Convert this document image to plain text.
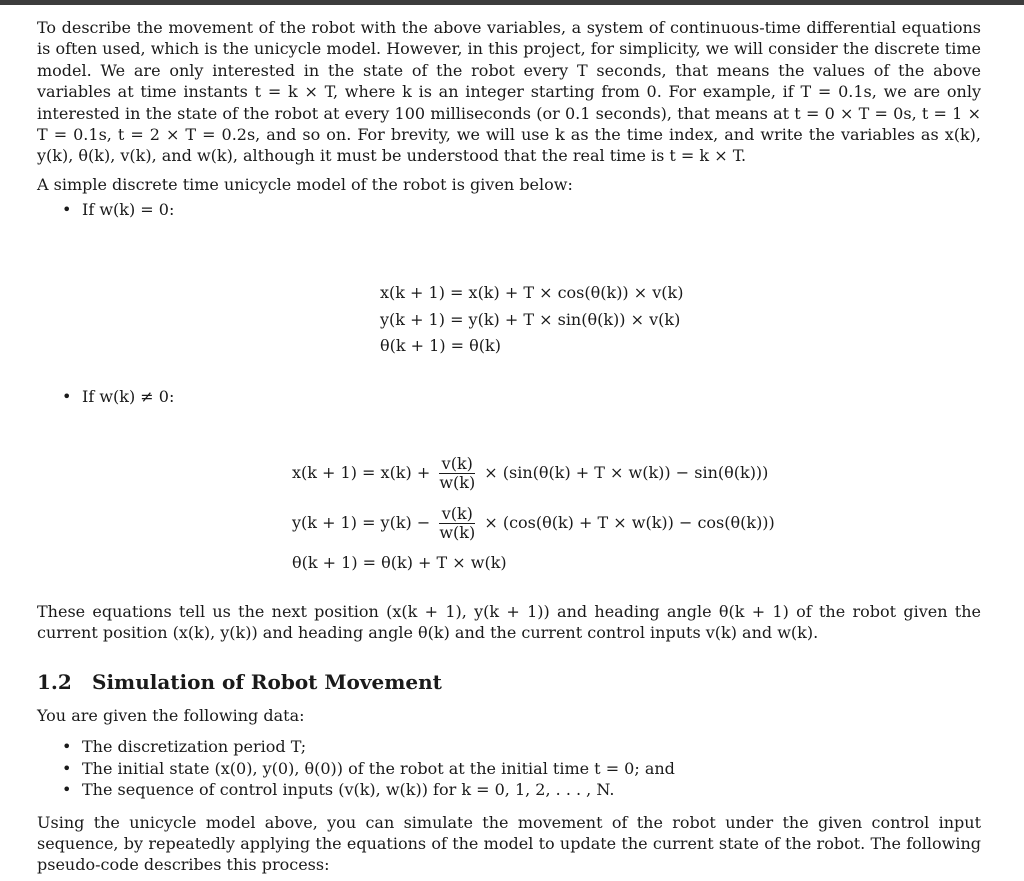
To describe the movement of the robot with the above variables, a system of continuous-time differential equations is often used, which is the unicycle model. However, in this project, for simplicity, we will consider the discrete time model. We are only interested in the state of the robot every T seconds, that means the values of the above variables at time instants t = k × T, where k is an integer starting from 0. For example, if T = 0.1s, we are only interested in the state of the robot at every 100 milliseconds (or 0.1 seconds), that means at t = 0 × T = 0s, t = 1 × T = 0.1s, t = 2 × T = 0.2s, and so on. For brevity, we will use k as the time index, and write the variables as x(k), y(k), θ(k), v(k), and w(k), although it must be understood that the real time is t = k × T.

A simple discrete time unicycle model of the robot is given below:

• If w(k) = 0:
x(k + 1) = x(k) + T × cos(θ(k)) × v(k)
y(k + 1) = y(k) + T × sin(θ(k)) × v(k)
θ(k + 1) = θ(k)
• If w(k) ≠ 0:
$x(k + 1) = x(k) + \frac{v(k)}{w(k)} \times (\sin(\theta(k) + T \times w(k)) - \sin(\theta(k)))$
$y(k + 1) = y(k) - \frac{v(k)}{w(k)} \times (\cos(\theta(k) + T \times w(k)) - \cos(\theta(k)))$
θ(k + 1) = θ(k) + T × w(k)

These equations tell us the next position (x(k + 1), y(k + 1)) and heading angle θ(k + 1) of the robot given the current position (x(k), y(k)) and heading angle θ(k) and the current control inputs v(k) and w(k).

1.2 Simulation of Robot Movement

You are given the following data:

• The discretization period T;
• The initial state (x(0), y(0), θ(0)) of the robot at the initial time t = 0; and
• The sequence of control inputs (v(k), w(k)) for k = 0, 1, 2, . . . , N.

Using the unicycle model above, you can simulate the movement of the robot under the given control input sequence, by repeatedly applying the equations of the model to update the current state of the robot. The following pseudo-code describes this process:
